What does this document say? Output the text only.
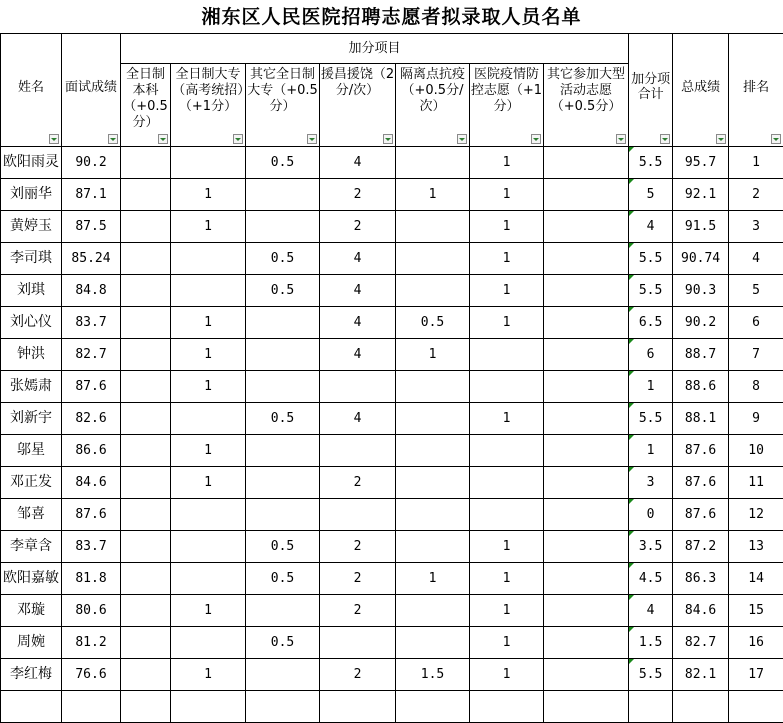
湘东区人民医院招聘志愿者拟录取人员名单
姓名	面试成绩	加分项目							加分项合计	总成绩	排名

		全日制本科（+0.5分）	全日制大专（高考统招）（+1分）	其它全日制大专（+0.5分）	援昌援饶（2分/次）	隔离点抗疫（+0.5分/次）	医院疫情防控志愿（+1分）	其它参加大型活动志愿（+0.5分）			

欧阳雨灵	90.2			0.5	4		1		5.5	95.7	1
刘丽华	87.1		1		2	1	1		5	92.1	2
黄婷玉	87.5		1		2		1		4	91.5	3
李司琪	85.24			0.5	4		1		5.5	90.74	4
刘琪	84.8			0.5	4		1		5.5	90.3	5
刘心仪	83.7		1		4	0.5	1		6.5	90.2	6
钟洪	82.7		1		4	1			6	88.7	7
张嫣肃	87.6		1						1	88.6	8
刘新宇	82.6			0.5	4		1		5.5	88.1	9
邬星	86.6		1						1	87.6	10
邓正发	84.6		1		2				3	87.6	11
邹喜	87.6								0	87.6	12
李章含	83.7			0.5	2		1		3.5	87.2	13
欧阳嘉敏	81.8			0.5	2	1	1		4.5	86.3	14
邓璇	80.6		1		2		1		4	84.6	15
周婉	81.2			0.5			1		1.5	82.7	16
李红梅	76.6		1		2	1.5	1		5.5	82.1	17
